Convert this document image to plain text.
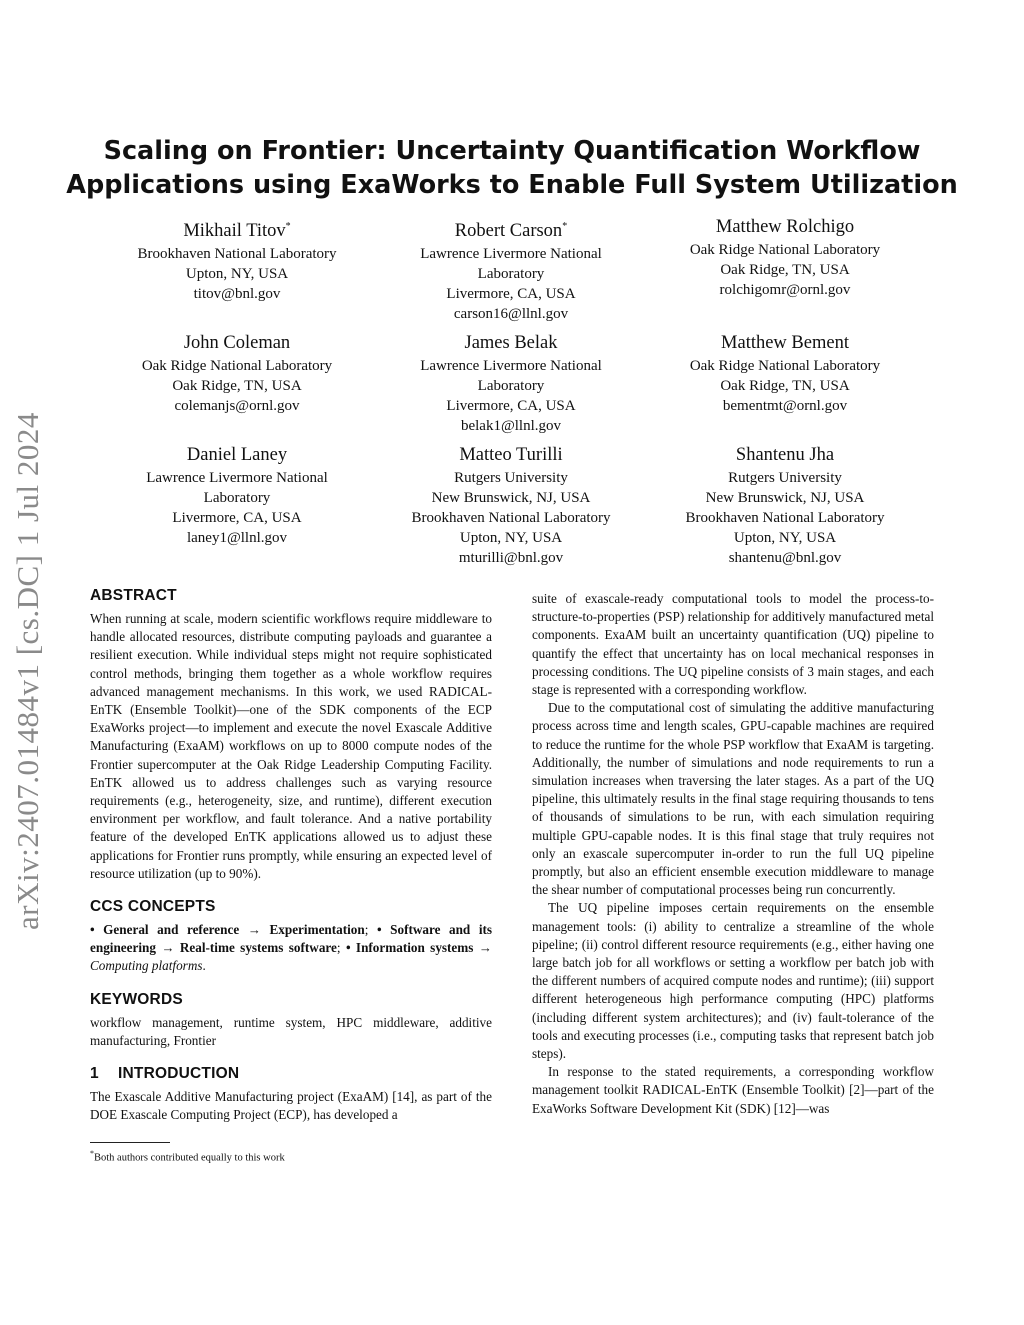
arXiv:2407.01484v1 [cs.DC] 1 Jul 2024
Scaling on Frontier: Uncertainty Quantification Workflow
Applications using ExaWorks to Enable Full System Utilization
Mikhail Titov*
Brookhaven National Laboratory
Upton, NY, USA
titov@bnl.gov
Robert Carson*
Lawrence Livermore National
Laboratory
Livermore, CA, USA
carson16@llnl.gov
Matthew Rolchigo
Oak Ridge National Laboratory
Oak Ridge, TN, USA
rolchigomr@ornl.gov
John Coleman
Oak Ridge National Laboratory
Oak Ridge, TN, USA
colemanjs@ornl.gov
James Belak
Lawrence Livermore National
Laboratory
Livermore, CA, USA
belak1@llnl.gov
Matthew Bement
Oak Ridge National Laboratory
Oak Ridge, TN, USA
bementmt@ornl.gov
Daniel Laney
Lawrence Livermore National
Laboratory
Livermore, CA, USA
laney1@llnl.gov
Matteo Turilli
Rutgers University
New Brunswick, NJ, USA
Brookhaven National Laboratory
Upton, NY, USA
mturilli@bnl.gov
Shantenu Jha
Rutgers University
New Brunswick, NJ, USA
Brookhaven National Laboratory
Upton, NY, USA
shantenu@bnl.gov
ABSTRACT

When running at scale, modern scientific workflows require middleware to handle allocated resources, distribute computing payloads and guarantee a resilient execution. While individual steps might not require sophisticated control methods, bringing them together as a whole workflow requires advanced management mechanisms. In this work, we used RADICAL-EnTK (Ensemble Toolkit)—one of the SDK components of the ECP ExaWorks project—to implement and execute the novel Exascale Additive Manufacturing (ExaAM) workflows on up to 8000 compute nodes of the Frontier supercomputer at the Oak Ridge Leadership Computing Facility. EnTK allowed us to address challenges such as varying resource requirements (e.g., heterogeneity, size, and runtime), different execution environment per workflow, and fault tolerance. And a native portability feature of the developed EnTK applications allowed us to adjust these applications for Frontier runs promptly, while ensuring an expected level of resource utilization (up to 90%).

CCS CONCEPTS

• General and reference → Experimentation; • Software and its engineering → Real-time systems software; • Information systems → Computing platforms.

KEYWORDS

workflow management, runtime system, HPC middleware, additive manufacturing, Frontier

1 INTRODUCTION

The Exascale Additive Manufacturing project (ExaAM) [14], as part of the DOE Exascale Computing Project (ECP), has developed a

*Both authors contributed equally to this work

suite of exascale-ready computational tools to model the process-to-structure-to-properties (PSP) relationship for additively manufactured metal components. ExaAM built an uncertainty quantification (UQ) pipeline to quantify the effect that uncertainty has on local mechanical responses in processing conditions. The UQ pipeline consists of 3 main stages, and each stage is represented with a corresponding workflow.

Due to the computational cost of simulating the additive manufacturing process across time and length scales, GPU-capable machines are required to reduce the runtime for the whole PSP workflow that ExaAM is targeting. Additionally, the number of simulations and node requirements to run a simulation increases when traversing the later stages. As a part of the UQ pipeline, this ultimately results in the final stage requiring thousands to tens of thousands of simulations to be run, with each simulation requiring multiple GPU-capable nodes. It is this final stage that truly requires not only an exascale supercomputer in-order to run the full UQ pipeline promptly, but also an efficient ensemble execution middleware to manage the shear number of computational processes being run concurrently.

The UQ pipeline imposes certain requirements on the ensemble management tools: (i) ability to centralize a streamline of the whole pipeline; (ii) control different resource requirements (e.g., either having one large batch job for all workflows or setting a workflow per batch job with the different numbers of acquired compute nodes and runtime); (iii) support different heterogeneous high performance computing (HPC) platforms (including different system architectures); and (iv) fault-tolerance of the tools and executing processes (i.e., computing tasks that represent batch job steps).

In response to the stated requirements, a corresponding workflow management toolkit RADICAL-EnTK (Ensemble Toolkit) [2]—part of the ExaWorks Software Development Kit (SDK) [12]—was
